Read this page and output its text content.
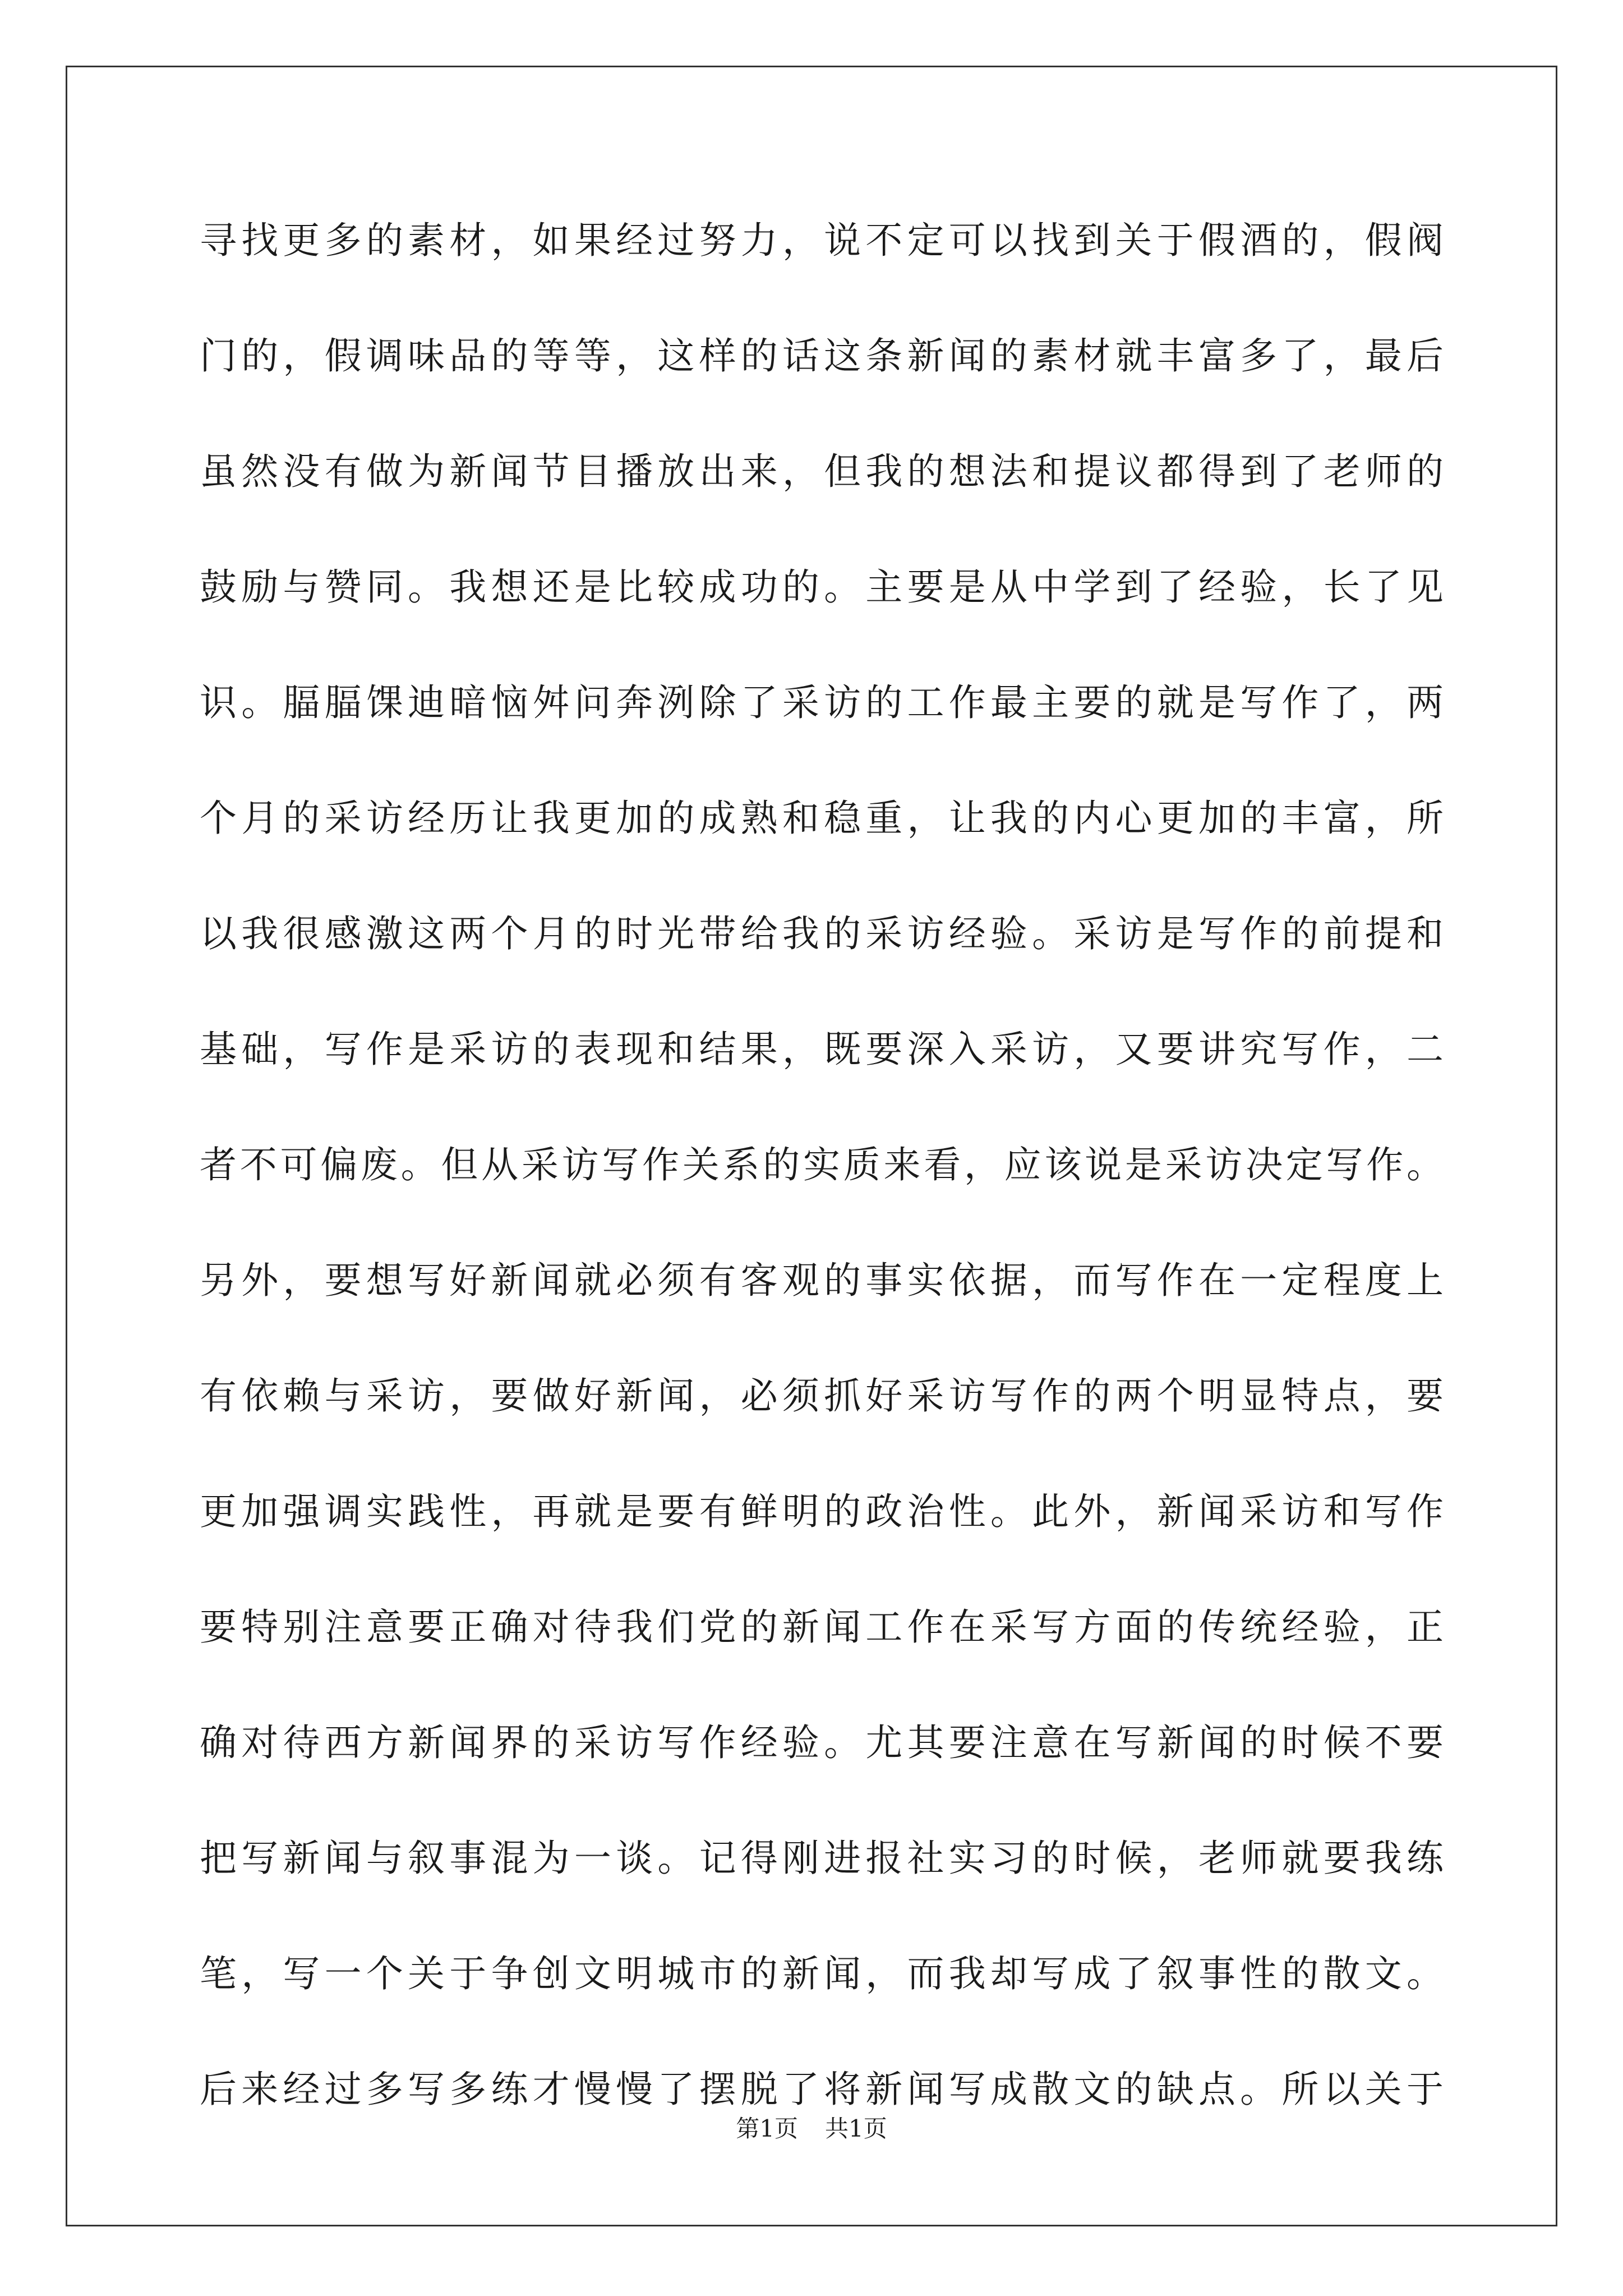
寻找更多的素材，如果经过努力，说不定可以找到关于假酒的，假阀
门的，假调味品的等等，这样的话这条新闻的素材就丰富多了，最后
虽然没有做为新闻节目播放出来，但我的想法和提议都得到了老师的
鼓励与赞同。我想还是比较成功的。主要是从中学到了经验，长了见
识。腷腷馃迪暗恼舛问奔洌除了采访的工作最主要的就是写作了，两
个月的采访经历让我更加的成熟和稳重，让我的内心更加的丰富，所
以我很感激这两个月的时光带给我的采访经验。采访是写作的前提和
基础，写作是采访的表现和结果，既要深入采访，又要讲究写作，二
者不可偏废。但从采访写作关系的实质来看，应该说是采访决定写作。
另外，要想写好新闻就必须有客观的事实依据，而写作在一定程度上
有依赖与采访，要做好新闻，必须抓好采访写作的两个明显特点，要
更加强调实践性，再就是要有鲜明的政治性。此外，新闻采访和写作
要特别注意要正确对待我们党的新闻工作在采写方面的传统经验，正
确对待西方新闻界的采访写作经验。尤其要注意在写新闻的时候不要
把写新闻与叙事混为一谈。记得刚进报社实习的时候，老师就要我练
笔，写一个关于争创文明城市的新闻，而我却写成了叙事性的散文。
后来经过多写多练才慢慢了摆脱了将新闻写成散文的缺点。所以关于
第1页 共1页
